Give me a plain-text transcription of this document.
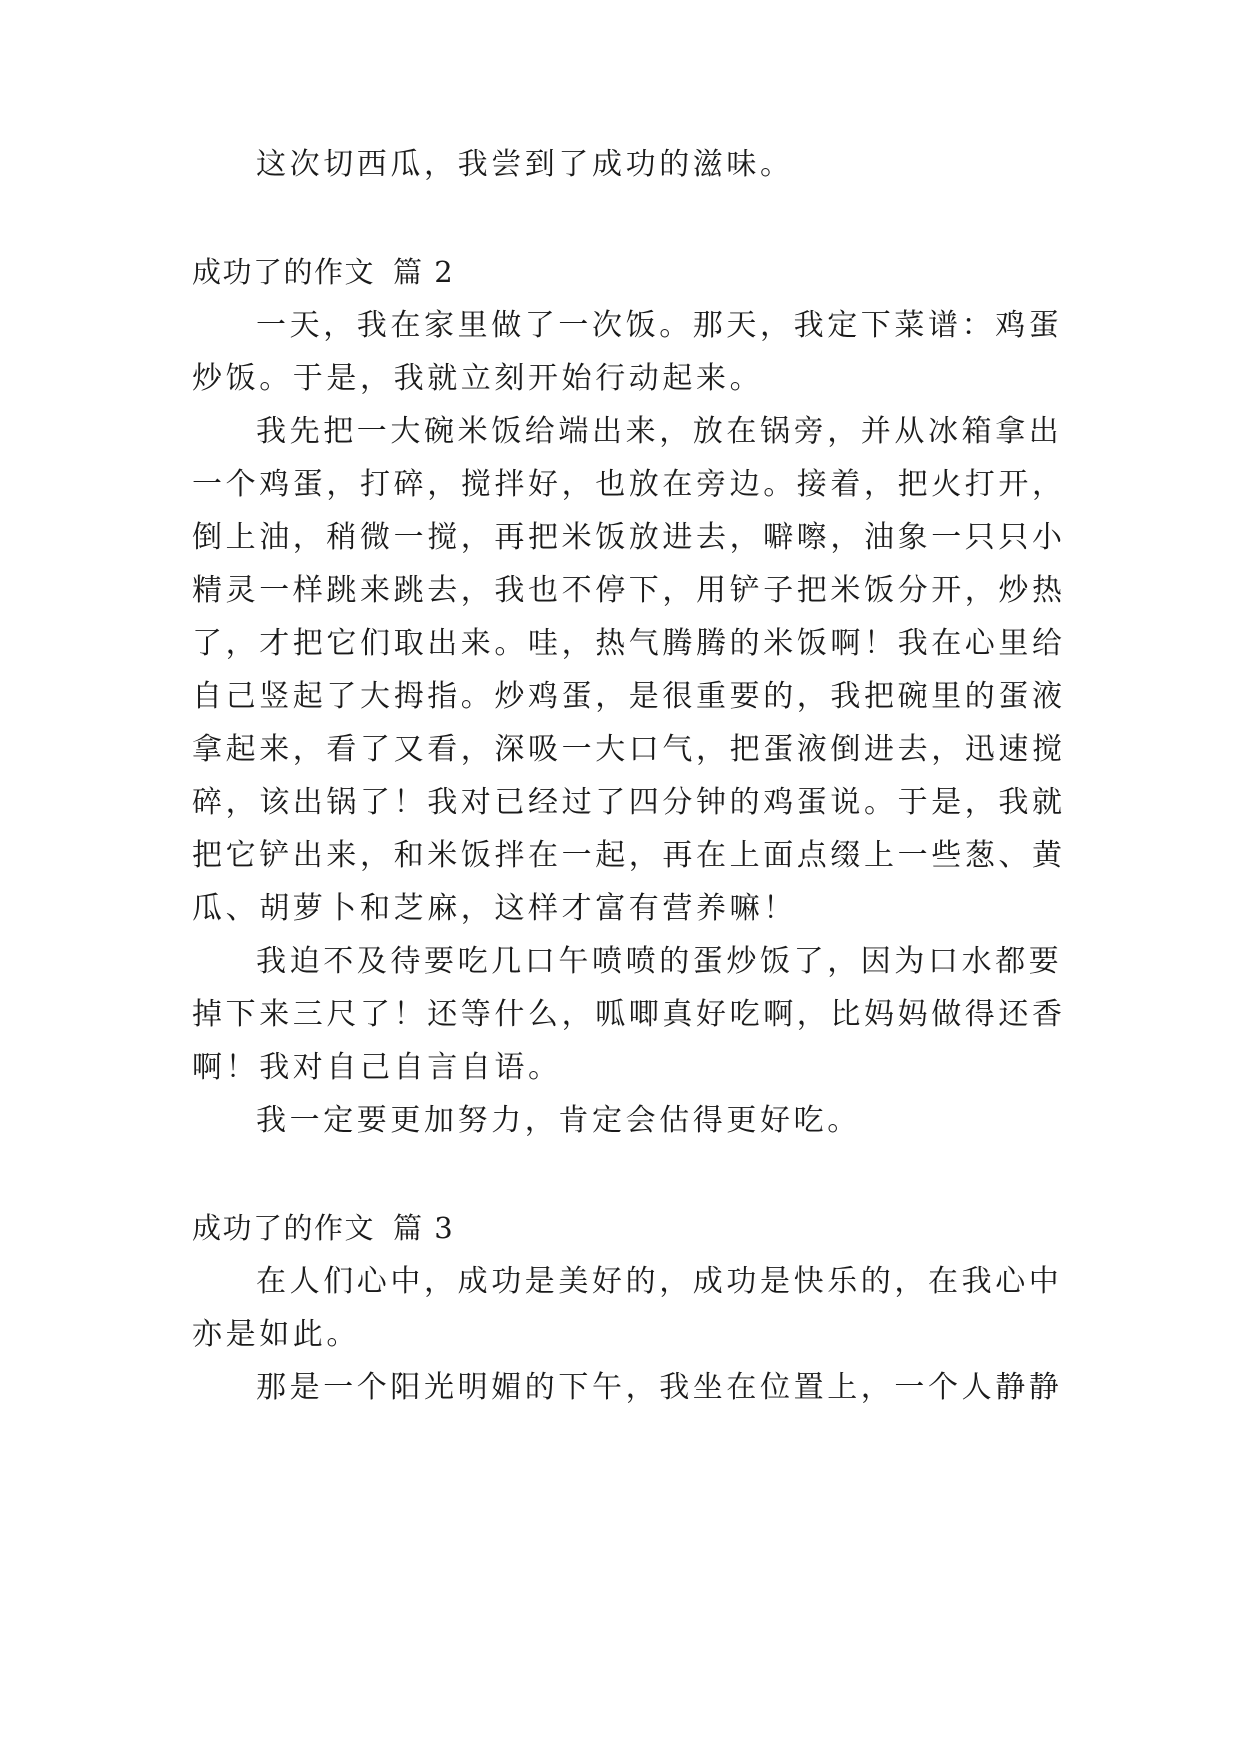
这次切西瓜，我尝到了成功的滋味。
成功了的作文 篇 2
一天，我在家里做了一次饭。那天，我定下菜谱：鸡蛋
炒饭。于是，我就立刻开始行动起来。
我先把一大碗米饭给端出来，放在锅旁，并从冰箱拿出
一个鸡蛋，打碎，搅拌好，也放在旁边。接着，把火打开，
倒上油，稍微一搅，再把米饭放进去，噼嚓，油象一只只小
精灵一样跳来跳去，我也不停下，用铲子把米饭分开，炒热
了，才把它们取出来。哇，热气腾腾的米饭啊！我在心里给
自己竖起了大拇指。炒鸡蛋，是很重要的，我把碗里的蛋液
拿起来，看了又看，深吸一大口气，把蛋液倒进去，迅速搅
碎，该出锅了！我对已经过了四分钟的鸡蛋说。于是，我就
把它铲出来，和米饭拌在一起，再在上面点缀上一些葱、黄
瓜、胡萝卜和芝麻，这样才富有营养嘛！
我迫不及待要吃几口午喷喷的蛋炒饭了，因为口水都要
掉下来三尺了！还等什么，呱唧真好吃啊，比妈妈做得还香
啊！我对自己自言自语。
我一定要更加努力，肯定会估得更好吃。
成功了的作文 篇 3
在人们心中，成功是美好的，成功是快乐的，在我心中
亦是如此。
那是一个阳光明媚的下午，我坐在位置上，一个人静静
